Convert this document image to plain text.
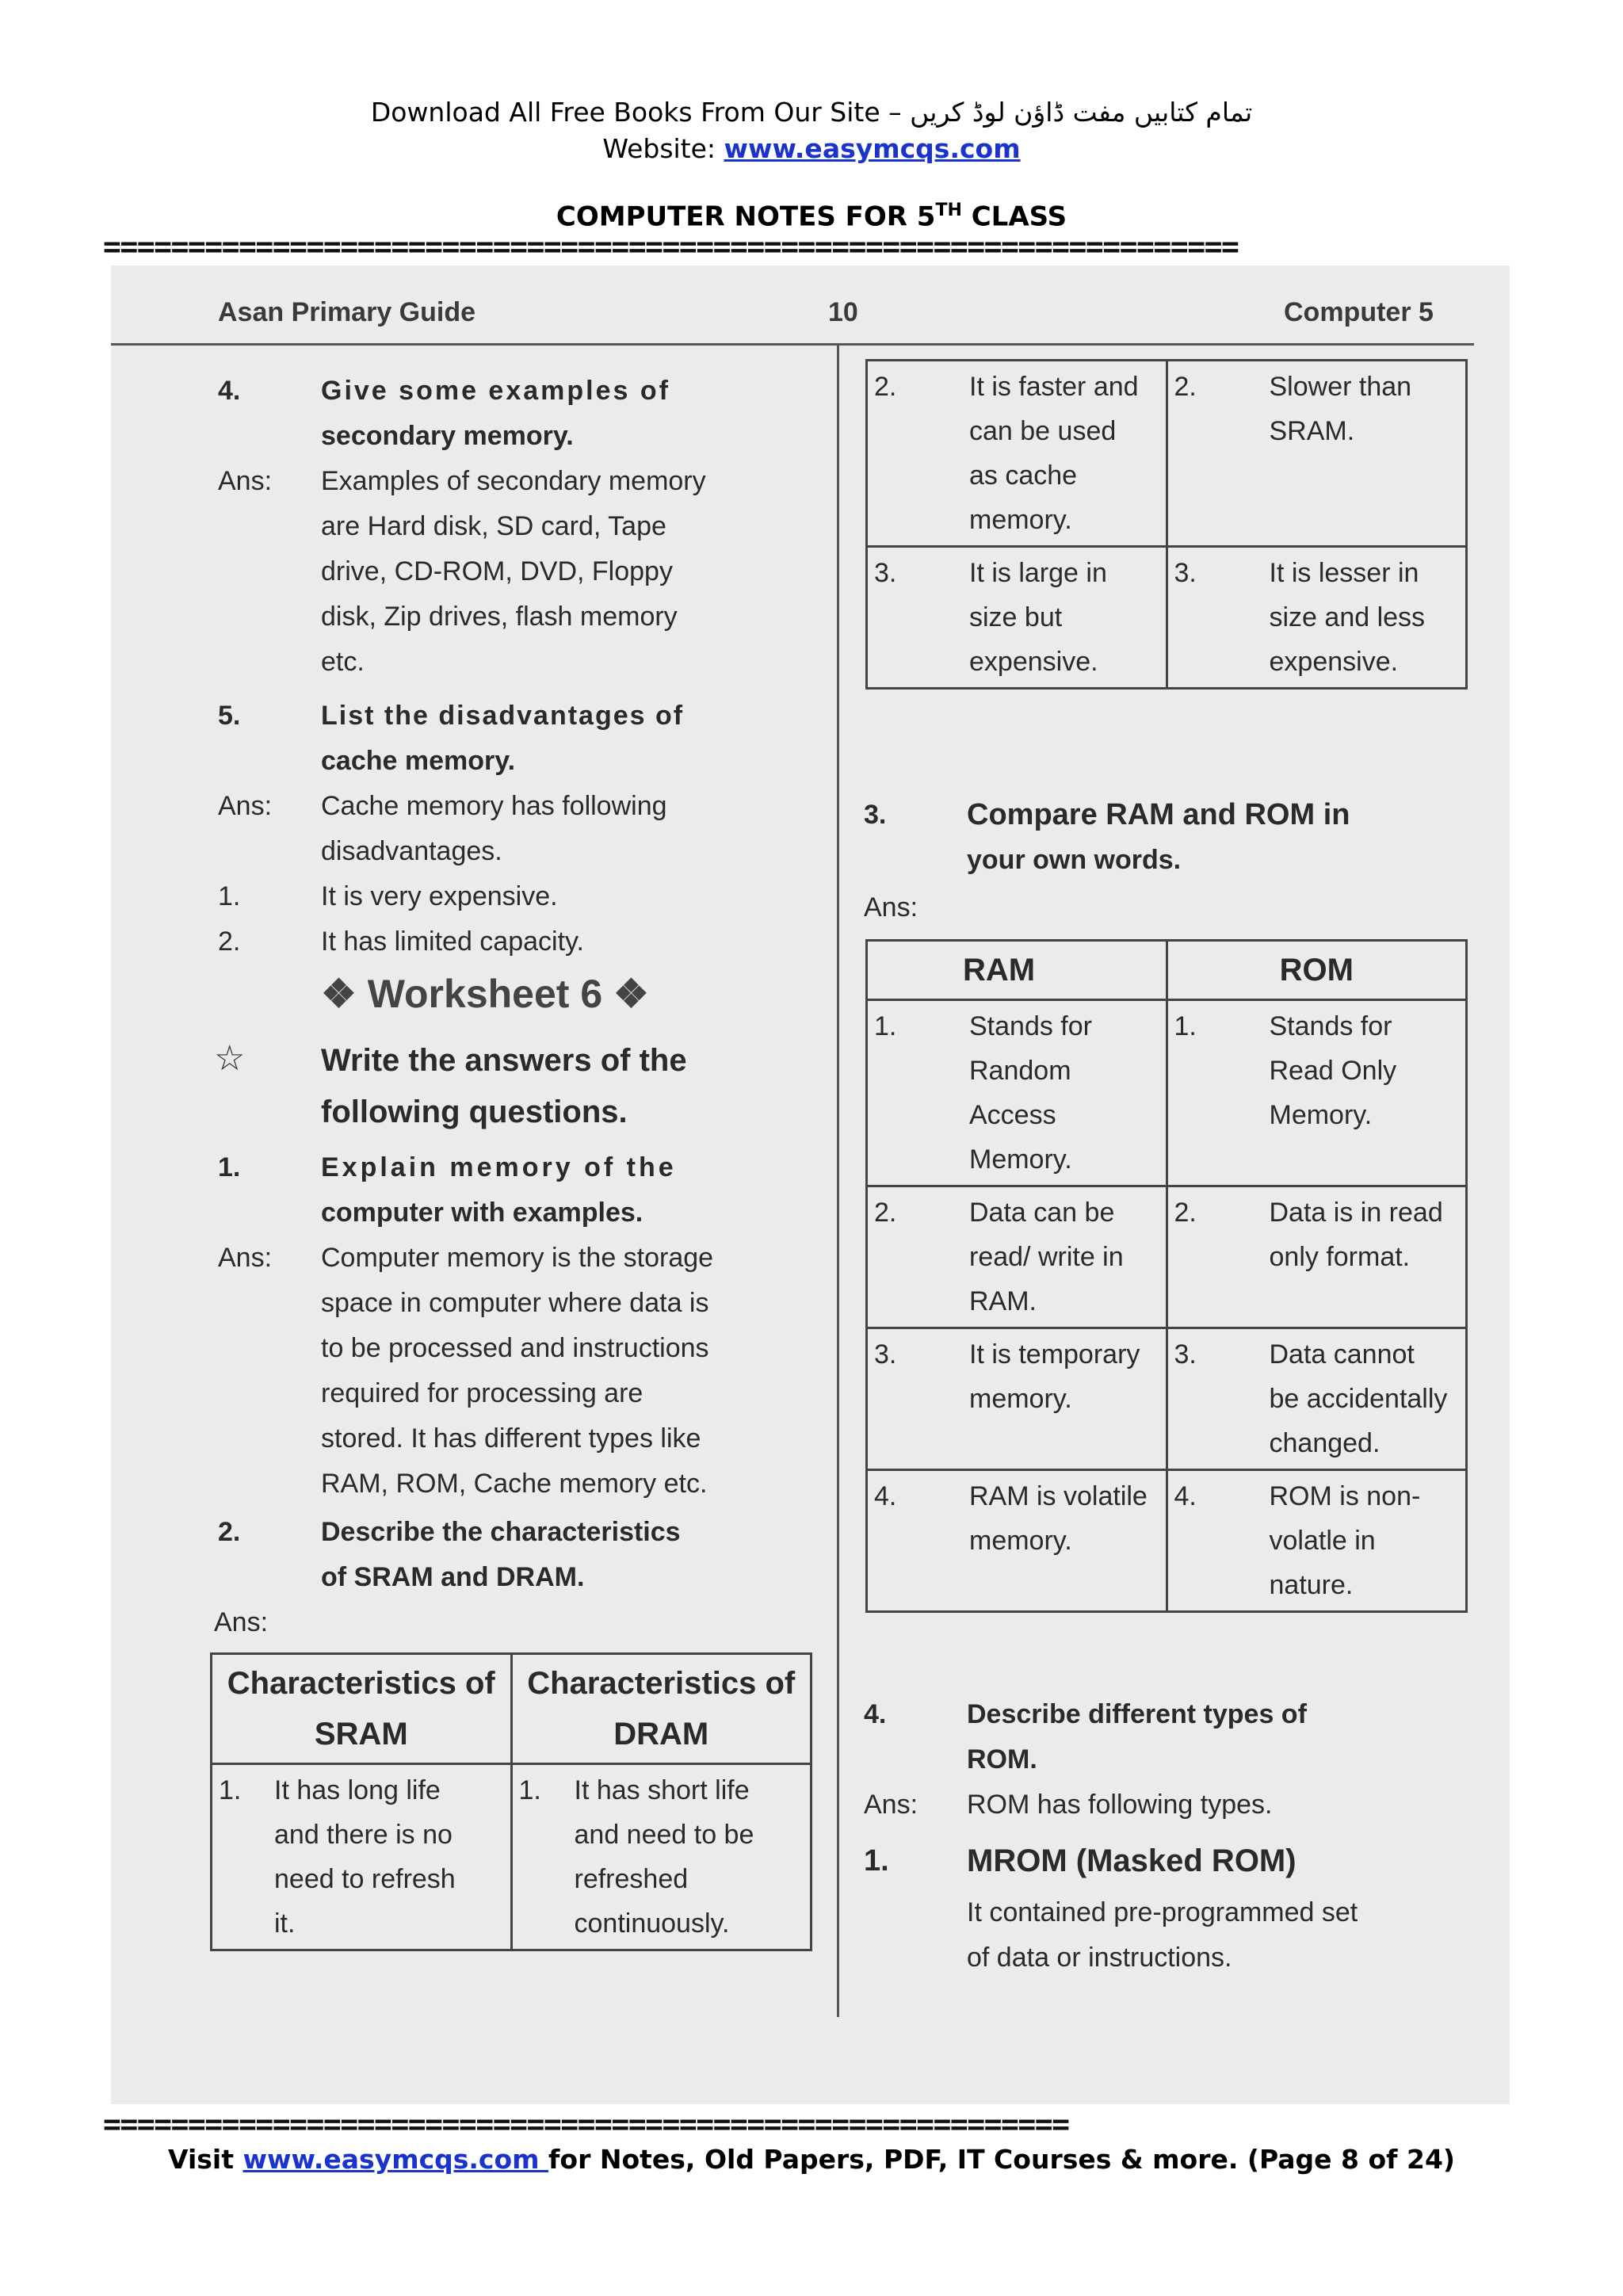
Download All Free Books From Our Site – تمام کتابیں مفت ڈاؤن لوڈ کریں
Website: www.easymcqs.com
COMPUTER NOTES FOR 5TH CLASS
===================================================================
Asan Primary Guide	10	Computer 5
4.	Give some examples of
secondary memory.
Ans: Examples of secondary memory
are Hard disk, SD card, Tape
drive, CD-ROM, DVD, Floppy
disk, Zip drives, flash memory
etc.
5.	List the disadvantages of
cache memory.
Ans: Cache memory has following
disadvantages.
1.	It is very expensive.
2.	It has limited capacity.
❖ Worksheet 6 ❖
☆ Write the answers of the
following questions.
1.	Explain memory of the
computer with examples.
Ans: Computer memory is the storage
space in computer where data is
to be processed and instructions
required for processing are
stored. It has different types like
RAM, ROM, Cache memory etc.
2.	Describe the characteristics
of SRAM and DRAM.
Ans:
Characteristics of SRAM	Characteristics of DRAM
1. It has long life and there is no need to refresh it.	1. It has short life and need to be refreshed continuously.
2. It is faster and can be used as cache memory.	2. Slower than SRAM.
3. It is large in size but expensive.	3. It is lesser in size and less expensive.
3.	Compare RAM and ROM in
your own words.
Ans:
RAM	ROM
1. Stands for Random Access Memory.	1. Stands for Read Only Memory.
2. Data can be read/ write in RAM.	2. Data is in read only format.
3. It is temporary memory.	3. Data cannot be accidentally changed.
4. RAM is volatile memory.	4. ROM is non-volatle in nature.
4.	Describe different types of
ROM.
Ans: ROM has following types.
1. MROM (Masked ROM)
It contained pre-programmed set
of data or instructions.
=========================================================
Visit www.easymcqs.com for Notes, Old Papers, PDF, IT Courses & more. (Page 8 of 24)
